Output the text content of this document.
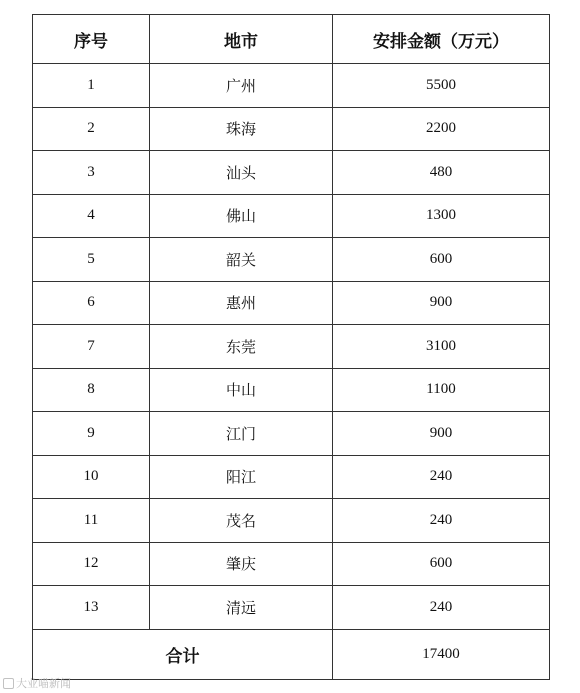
序号	地市	安排金额（万元）
1	广州	5500
2	珠海	2200
3	汕头	480
4	佛山	1300
5	韶关	600
6	惠州	900
7	东莞	3100
8	中山	1100
9	江门	900
10	阳江	240
11	茂名	240
12	肇庆	600
13	清远	240
合计		17400
大业喵新闻
